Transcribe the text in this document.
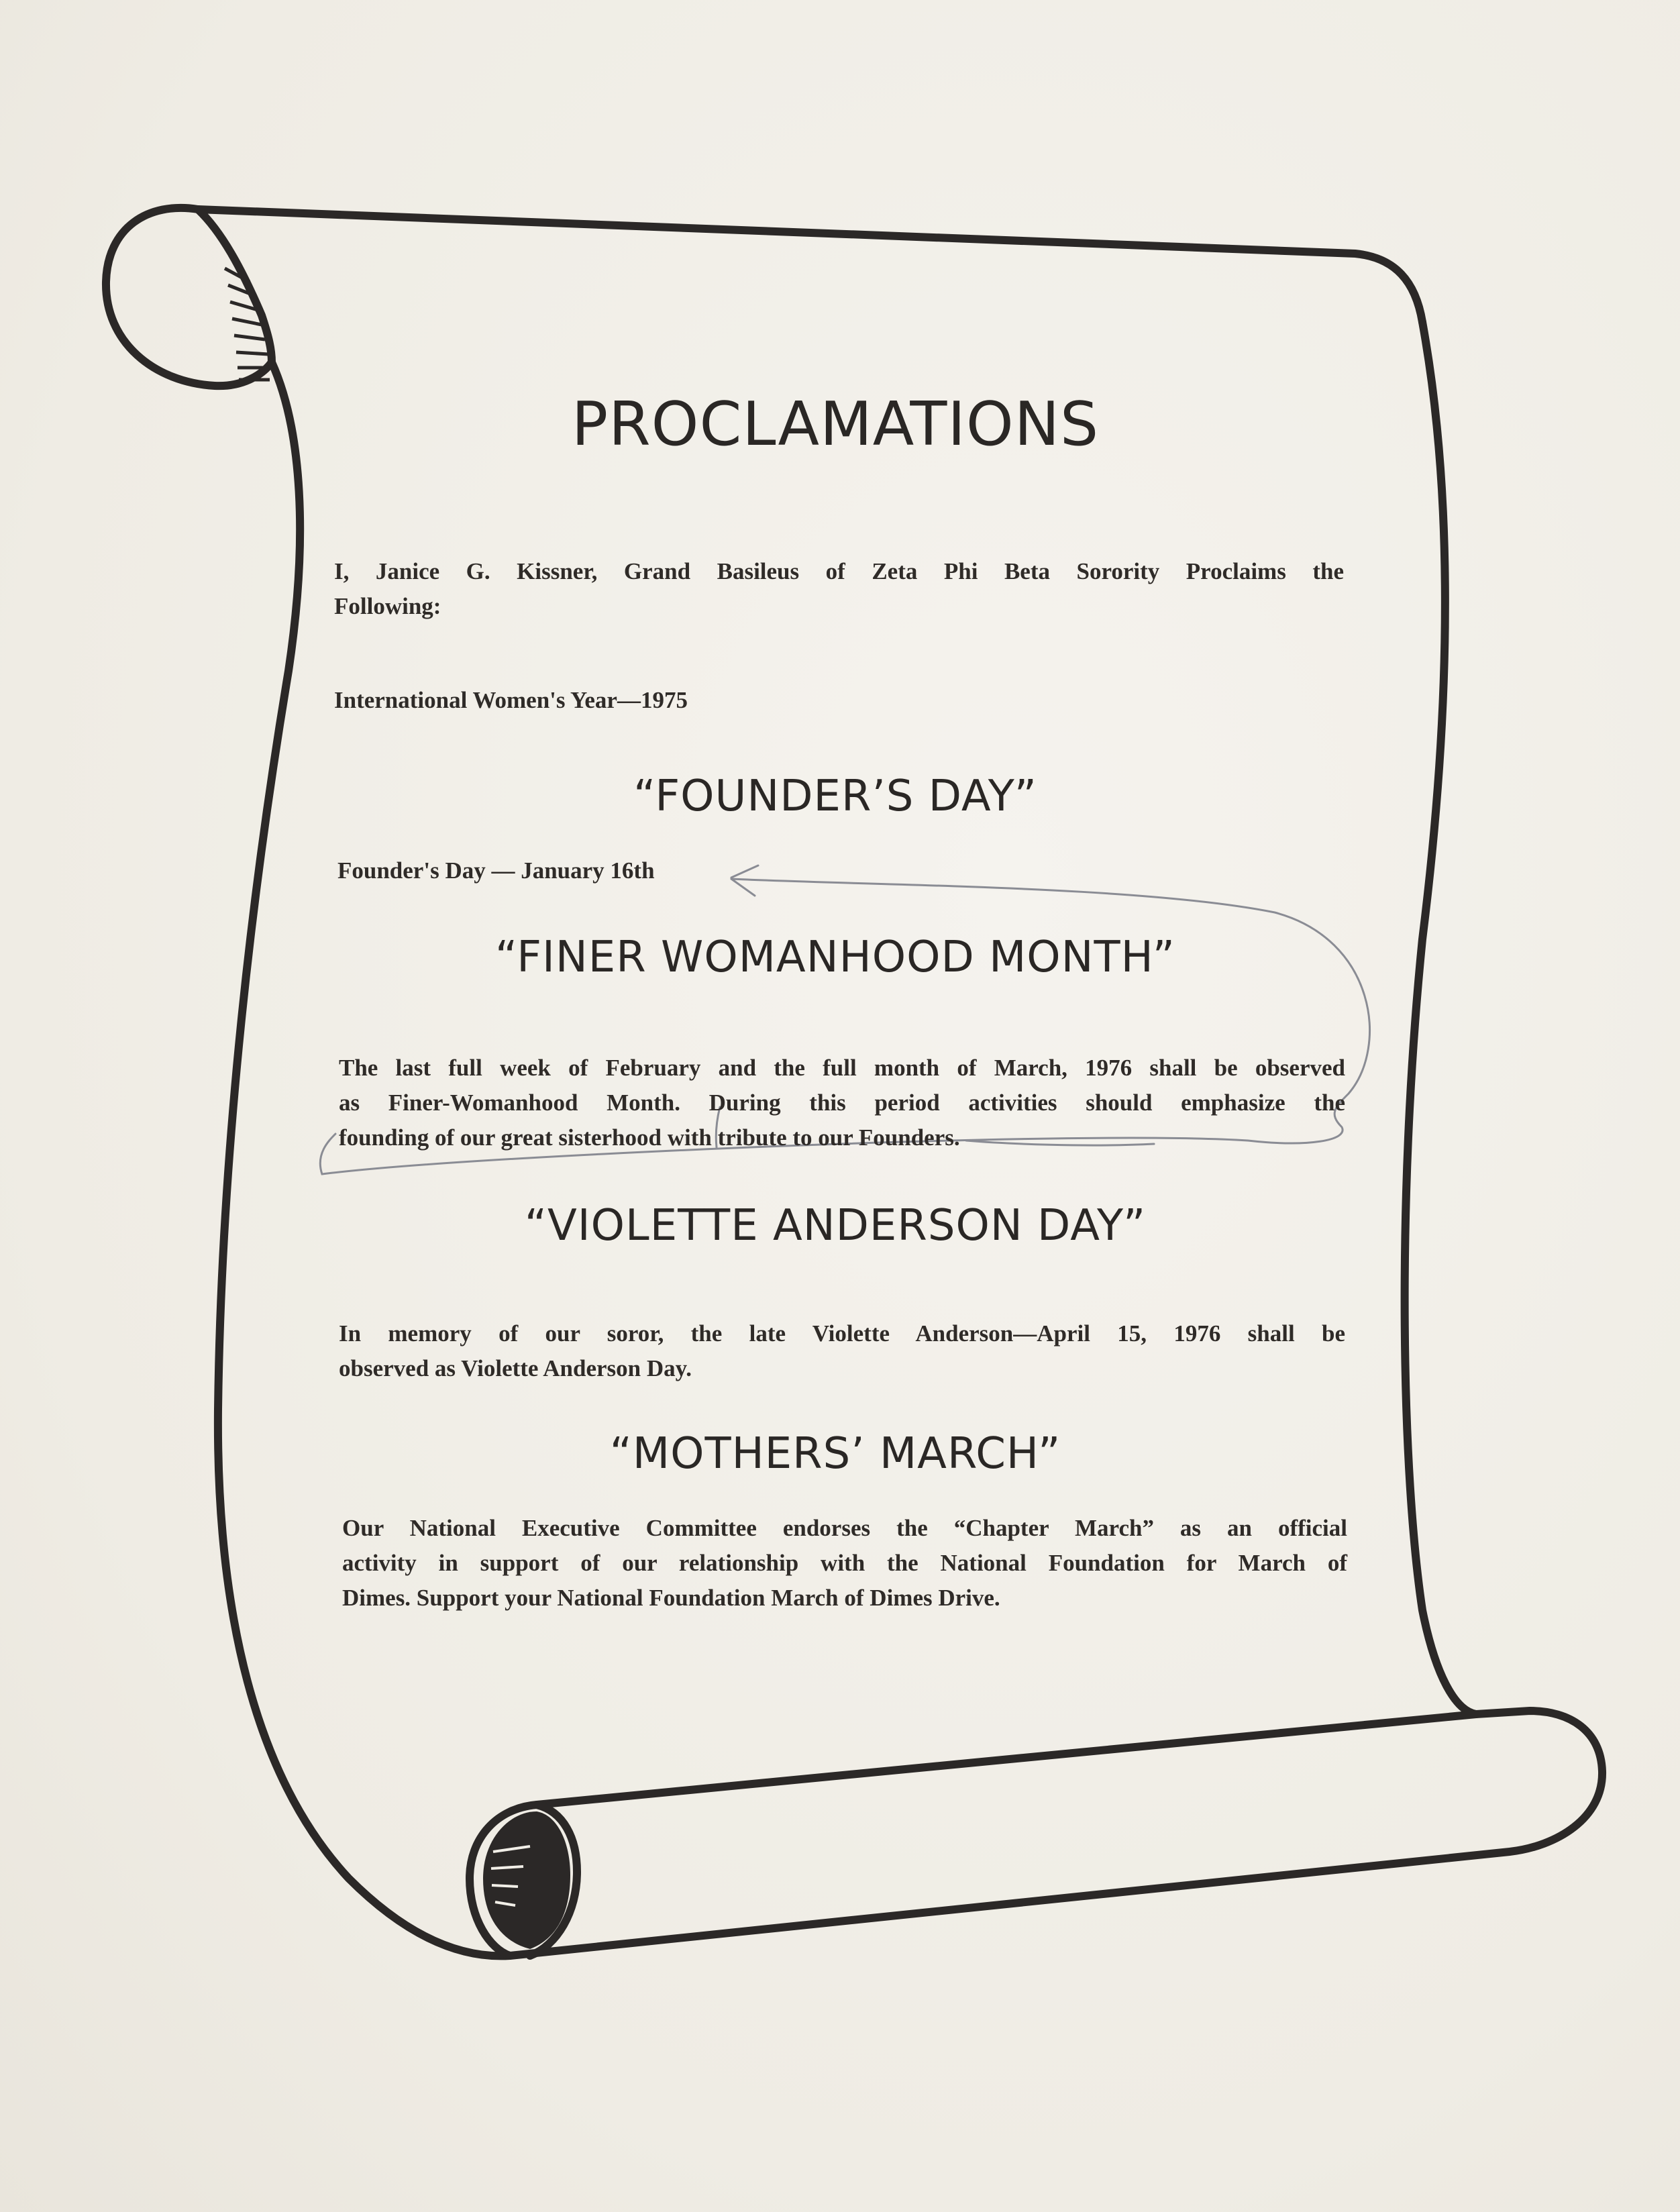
PROCLAMATIONS
I, Janice G. Kissner, Grand Basileus of Zeta Phi Beta Sorority Proclaims the
Following:
International Women's Year—1975
“FOUNDER’S DAY”
Founder's Day — January 16th
“FINER WOMANHOOD MONTH”
The last full week of February and the full month of March, 1976 shall be observed
as Finer-Womanhood Month. During this period activities should emphasize the
founding of our great sisterhood with tribute to our Founders.
“VIOLETTE ANDERSON DAY”
In memory of our soror, the late Violette Anderson—April 15, 1976 shall be
observed as Violette Anderson Day.
“MOTHERS’ MARCH”
Our National Executive Committee endorses the “Chapter March” as an official
activity in support of our relationship with the National Foundation for March of
Dimes. Support your National Foundation March of Dimes Drive.
